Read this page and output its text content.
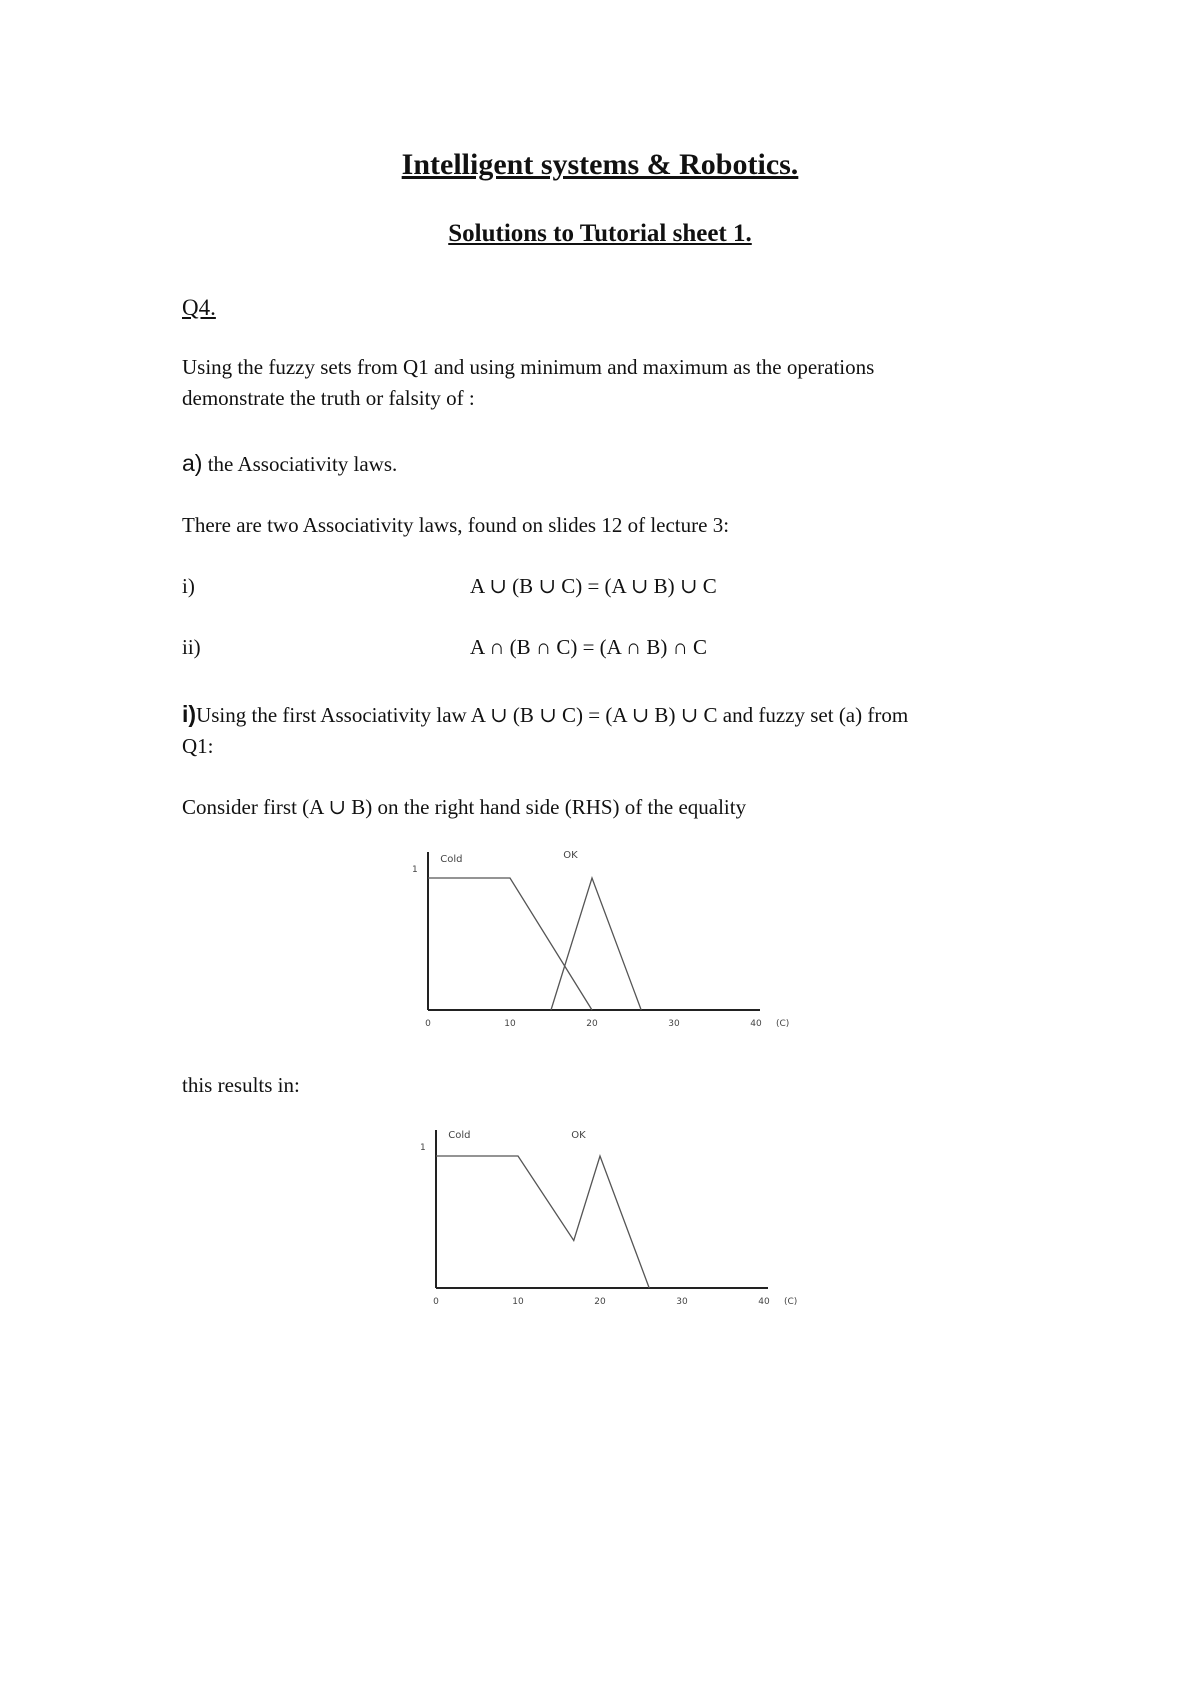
Intelligent systems & Robotics.
Solutions to Tutorial sheet 1.
Q4.
Using the fuzzy sets from Q1 and using minimum and maximum as the operations
demonstrate the truth or falsity of :
a) the Associativity laws.
There are two Associativity laws, found on slides 12 of lecture 3:
i)	A ∪ (B ∪ C) = (A ∪ B) ∪ C
ii)	A ∩ (B ∩ C) = (A ∩ B) ∩ C
i)Using the first Associativity law A ∪ (B ∪ C) = (A ∪ B) ∪ C and fuzzy set (a) from
Q1:
Consider first (A ∪ B) on the right hand side (RHS) of the equality
1
0	10	20	30	40 (C)
Cold	OK
this results in:
1
0	10	20	30	40 (C)
Cold	OK
